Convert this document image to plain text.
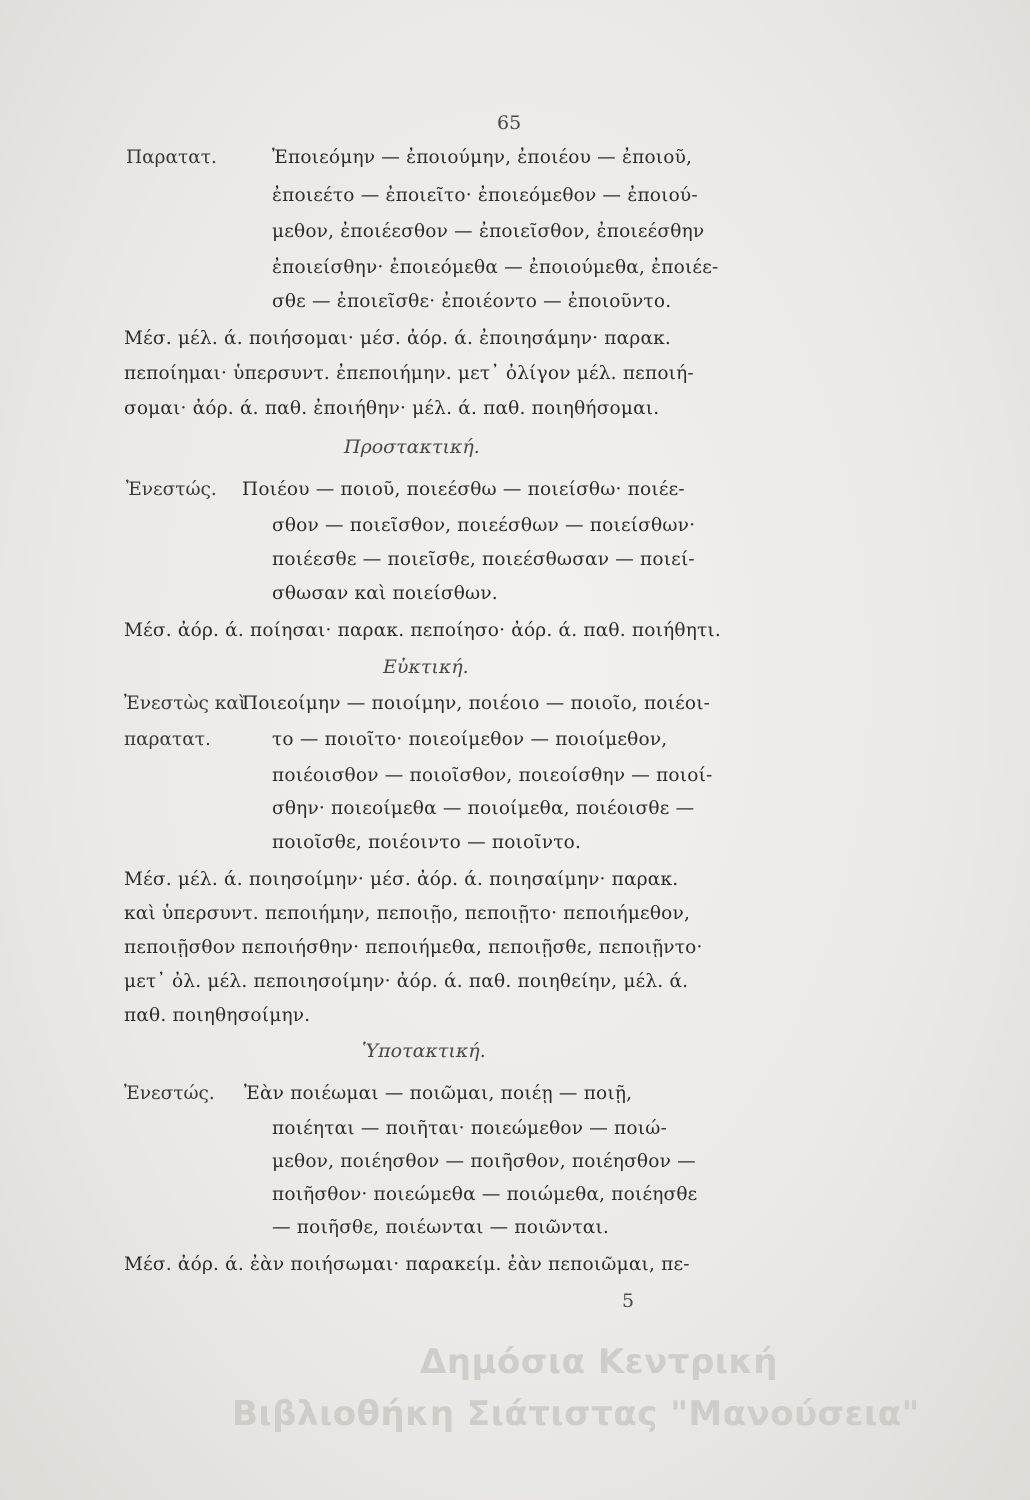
65
Παρατατ.	Ἐποιεόμην — ἐποιούμην, ἐποιέου — ἐποιοῦ,
ἐποιεέτο — ἐποιεῖτο· ἐποιεόμεθον — ἐποιού-
μεθον, ἐποιέεσθον — ἐποιεῖσθον, ἐποιεέσθην
ἐποιείσθην· ἐποιεόμεθα — ἐποιούμεθα, ἐποιέε-
σθε — ἐποιεῖσθε· ἐποιέοντο — ἐποιοῦντο.
Μέσ. μέλ. ά. ποιήσομαι· μέσ. ἀόρ. ά. ἐποιησάμην· παρακ.
πεποίημαι· ὑπερσυντ. ἐπεποιήμην. μετ᾽ ὀλίγον μέλ. πεποιή-
σομαι· ἀόρ. ά. παθ. ἐποιήθην· μέλ. ά. παθ. ποιηθήσομαι.
Προστακτική.
Ἐνεστώς. Ποιέου — ποιοῦ, ποιεέσθω — ποιείσθω· ποιέε-
σθον — ποιεῖσθον, ποιεέσθων — ποιείσθων·
ποιέεσθε — ποιεῖσθε, ποιεέσθωσαν — ποιεί-
σθωσαν καὶ ποιείσθων.
Μέσ. ἀόρ. ά. ποίησαι· παρακ. πεποίησο· ἀόρ. ά. παθ. ποιήθητι.
Εὐκτική.
Ἐνεστὼς καὶ
Ποιεοίμην — ποιοίμην, ποιέοιο — ποιοῖο, ποιέοι-
παρατατ.	το — ποιοῖτο· ποιεοίμεθον — ποιοίμεθον,
ποιέοισθον — ποιοῖσθον, ποιεοίσθην — ποιοί-
σθην· ποιεοίμεθα — ποιοίμεθα, ποιέοισθε —
ποιοῖσθε, ποιέοιντο — ποιοῖντο.
Μέσ. μέλ. ά. ποιησοίμην· μέσ. ἀόρ. ά. ποιησαίμην· παρακ.
καὶ ὑπερσυντ. πεποιήμην, πεποιῇο, πεποιῇτο· πεποιήμεθον,
πεποιῇσθον πεποιήσθην· πεποιήμεθα, πεποιῇσθε, πεποιῇντο·
μετ᾽ ὀλ. μέλ. πεποιησοίμην· ἀόρ. ά. παθ. ποιηθείην, μέλ. ά.
παθ. ποιηθησοίμην.
Ὑποτακτική.
Ἐνεστώς. Ἐὰν ποιέωμαι — ποιῶμαι, ποιέῃ — ποιῇ,
ποιέηται — ποιῆται· ποιεώμεθον — ποιώ-
μεθον, ποιέησθον — ποιῆσθον, ποιέησθον —
ποιῆσθον· ποιεώμεθα — ποιώμεθα, ποιέησθε
— ποιῆσθε, ποιέωνται — ποιῶνται.
Μέσ. ἀόρ. ά. ἐὰν ποιήσωμαι· παρακείμ. ἐὰν πεποιῶμαι, πε-
5
Δημόσια Κεντρική
Βιβλιοθήκη Σιάτιστας "Μανούσεια"
